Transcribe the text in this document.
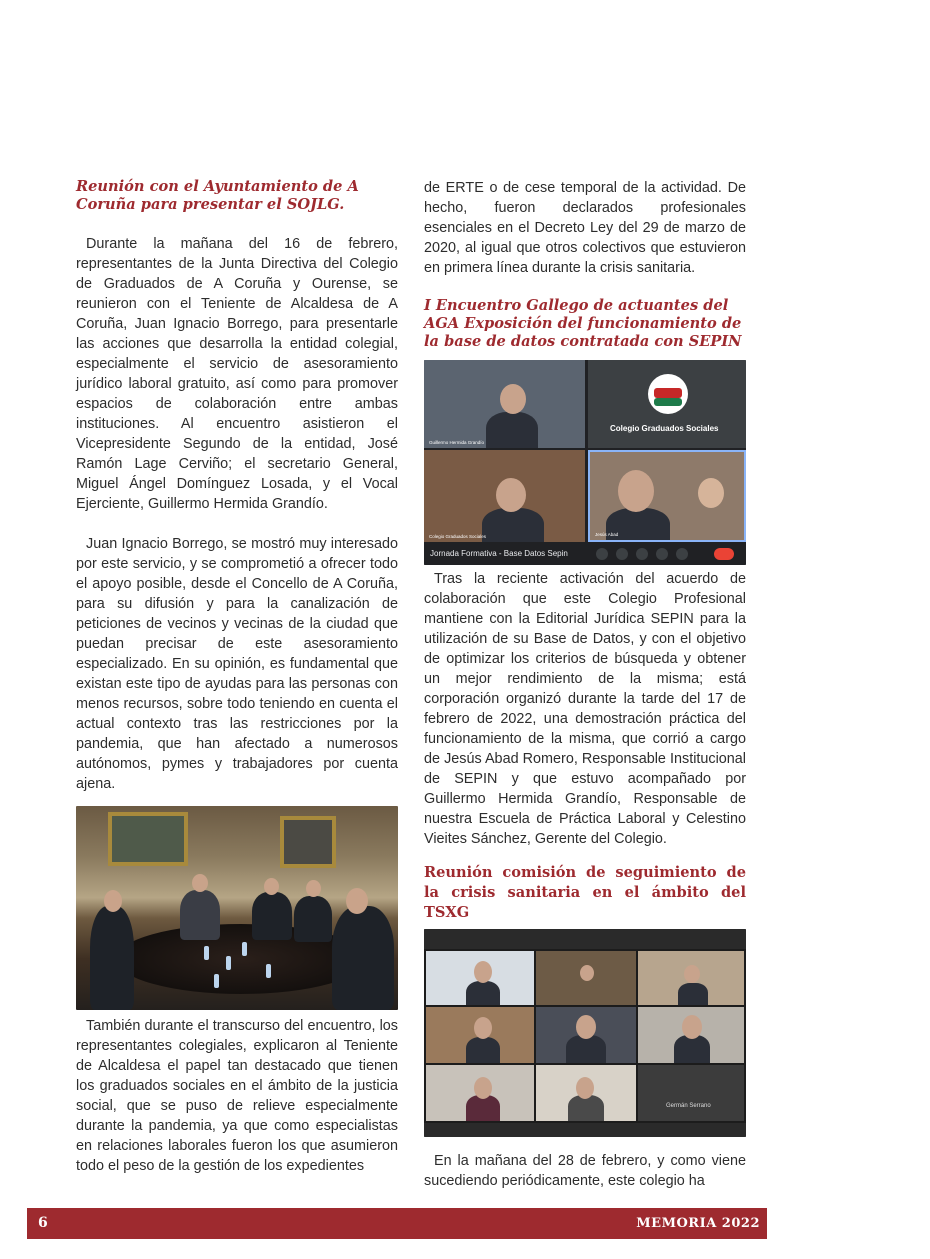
Reunión con el Ayuntamiento de A Coruña para presentar el SOJLG.

Durante la mañana del 16 de febrero, representantes de la Junta Directiva del Colegio de Graduados de A Coruña y Ourense, se reunieron con el Teniente de Alcaldesa de A Coruña, Juan Ignacio Borrego, para presentarle las acciones que desarrolla la entidad colegial, especialmente el servicio de asesoramiento jurídico laboral gratuito, así como para promover espacios de colaboración entre ambas instituciones. Al encuentro asistieron el Vicepresidente Segundo de la entidad, José Ramón Lage Cerviño; el secretario General, Miguel Ángel Domínguez Losada, y el Vocal Ejerciente, Guillermo Hermida Grandío.

Juan Ignacio Borrego, se mostró muy interesado por este servicio, y se comprometió a ofrecer todo el apoyo posible, desde el Concello de A Coruña, para su difusión y para la canalización de peticiones de vecinos y vecinas de la ciudad que puedan precisar de este asesoramiento especializado. En su opinión, es fundamental que existan este tipo de ayudas para las personas con menos recursos, sobre todo teniendo en cuenta el actual contexto tras las restricciones por la pandemia, que han afectado a numerosos autónomos, pymes y trabajadores por cuenta ajena.

También durante el transcurso del encuentro, los representantes colegiales, explicaron al Teniente de Alcaldesa el papel tan destacado que tienen los graduados sociales en el ámbito de la justicia social, que se puso de relieve especialmente durante la pandemia, ya que como especialistas en relaciones laborales fueron los que asumieron todo el peso de la gestión de los expedientes

de ERTE o de cese temporal de la actividad. De hecho, fueron declarados profesionales esenciales en el Decreto Ley del 29 de marzo de 2020, al igual que otros colectivos que estuvieron en primera línea durante la crisis sanitaria.

I Encuentro Gallego de actuantes del AGA Exposición del funcionamiento de la base de datos contratada con SEPIN
Guillermo Hermida Grandío
Colegio Graduados Sociales
Colegio Graduados Sociales	Jesús Abad
Jornada Formativa - Base Datos Sepin

Tras la reciente activación del acuerdo de colaboración que este Colegio Profesional mantiene con la Editorial Jurídica SEPIN para la utilización de su Base de Datos, y con el objetivo de optimizar los criterios de búsqueda y obtener un mejor rendimiento de la misma; está corporación organizó durante la tarde del 17 de febrero de 2022, una demostración práctica del funcionamiento de la misma, que corrió a cargo de Jesús Abad Romero, Responsable Institucional de SEPIN y que estuvo acompañado por Guillermo Hermida Grandío, Responsable de nuestra Escuela de Práctica Laboral y Celestino Vieites Sánchez, Gerente del Colegio.

Reunión comisión de seguimiento de la crisis sanitaria en el ámbito del TSXG
Germán Serrano

En la mañana del 28 de febrero, y como viene sucediendo periódicamente, este colegio ha

6	MEMORIA 2022
